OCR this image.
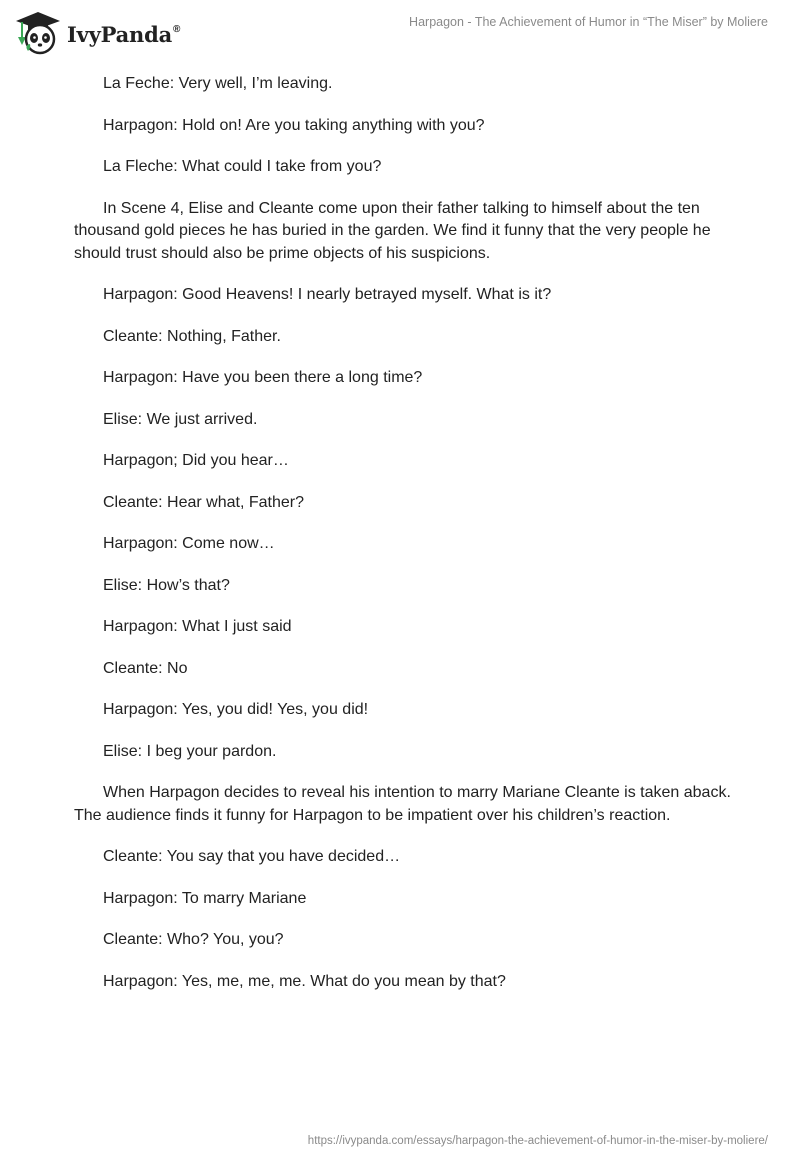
IvyPanda®	Harpagon - The Achievement of Humor in “The Miser” by Moliere

La Feche: Very well, I’m leaving.

Harpagon: Hold on! Are you taking anything with you?

La Fleche: What could I take from you?

In Scene 4, Elise and Cleante come upon their father talking to himself about the ten thousand gold pieces he has buried in the garden. We find it funny that the very people he should trust should also be prime objects of his suspicions.

Harpagon: Good Heavens! I nearly betrayed myself. What is it?

Cleante: Nothing, Father.

Harpagon: Have you been there a long time?

Elise: We just arrived.

Harpagon; Did you hear…

Cleante: Hear what, Father?

Harpagon: Come now…

Elise: How’s that?

Harpagon: What I just said

Cleante: No

Harpagon: Yes, you did! Yes, you did!

Elise: I beg your pardon.

When Harpagon decides to reveal his intention to marry Mariane Cleante is taken aback. The audience finds it funny for Harpagon to be impatient over his children’s reaction.

Cleante: You say that you have decided…

Harpagon: To marry Mariane

Cleante: Who? You, you?

Harpagon: Yes, me, me, me. What do you mean by that?

https://ivypanda.com/essays/harpagon-the-achievement-of-humor-in-the-miser-by-moliere/
